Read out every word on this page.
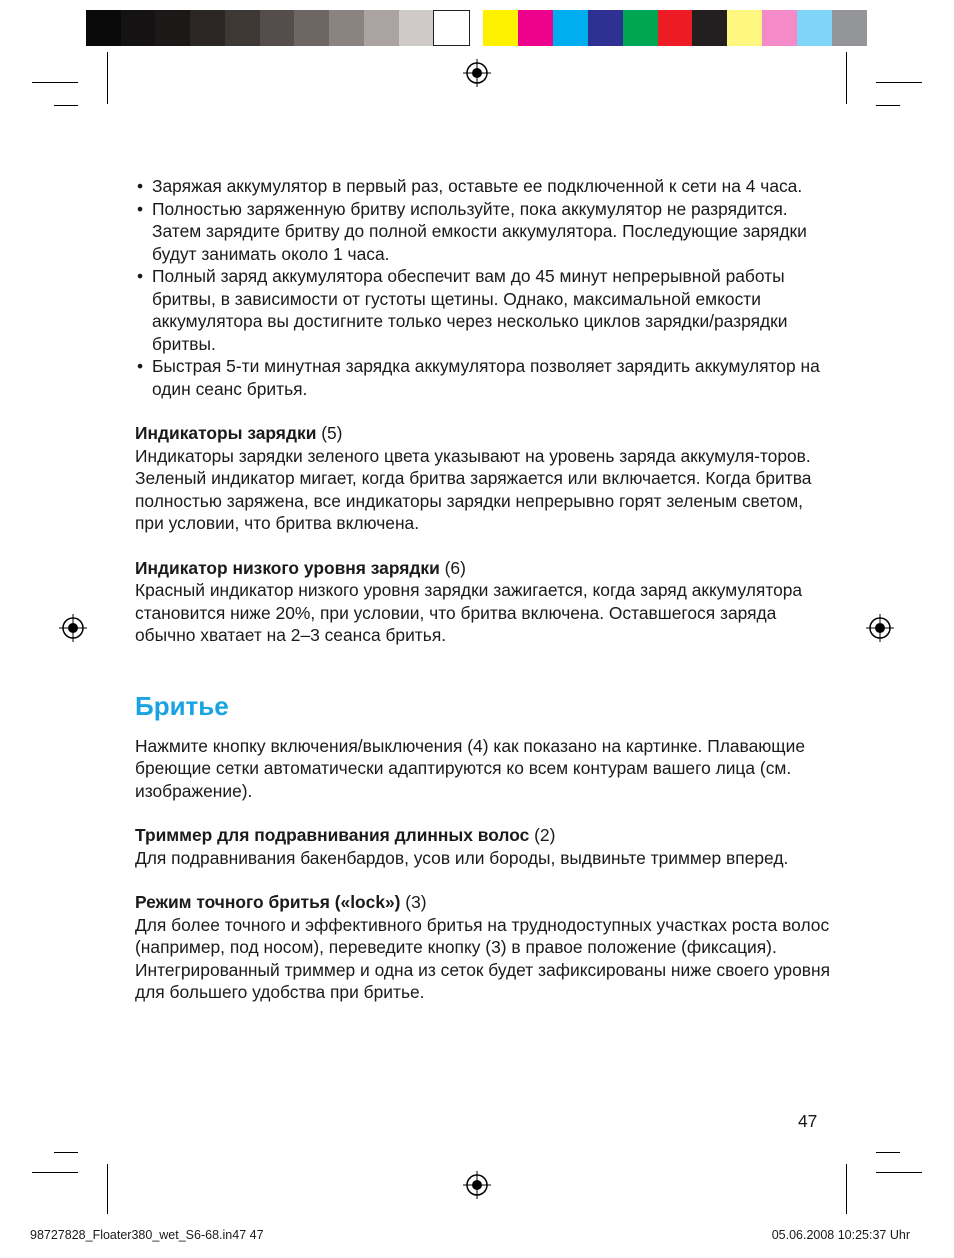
• Заряжая аккумулятор в первый раз, оставьте ее подключенной к сети на 4 часа.
• Полностью заряженную бритву используйте, пока аккумулятор не разрядится. Затем зарядите бритву до полной емкости аккумулятора. Последующие зарядки будут занимать около 1 часа.
• Полный заряд аккумулятора обеспечит вам до 45 минут непрерывной работы бритвы, в зависимости от густоты щетины. Однако, максимальной емкости аккумулятора вы достигните только через несколько циклов зарядки/разрядки бритвы.
• Быстрая 5-ти минутная зарядка аккумулятора позволяет зарядить аккумулятор на один сеанс бритья.

Индикаторы зарядки (5)

Индикаторы зарядки зеленого цвета указывают на уровень заряда аккумуля-торов. Зеленый индикатор мигает, когда бритва заряжается или включается. Когда бритва полностью заряжена, все индикаторы зарядки непрерывно горят зеленым светом, при условии, что бритва включена.

Индикатор низкого уровня зарядки (6)

Красный индикатор низкого уровня зарядки зажигается, когда заряд аккумулятора становится ниже 20%, при условии, что бритва включена. Оставшегося заряда обычно хватает на 2–3 сеанса бритья.

Бритье

Нажмите кнопку включения/выключения (4) как показано на картинке. Плавающие бреющие сетки автоматически адаптируются ко всем контурам вашего лица (см. изображение).

Триммер для подравнивания длинных волос (2)

Для подравнивания бакенбардов, усов или бороды, выдвиньте триммер вперед.

Режим точного бритья («lock») (3)

Для более точного и эффективного бритья на труднодоступных участках роста волос (например, под носом), переведите кнопку (3) в правое положение (фиксация). Интегрированный триммер и одна из сеток будет зафиксированы ниже своего уровня для большего удобства при бритье.

47
98727828_Floater380_wet_S6-68.in47 47	05.06.2008 10:25:37 Uhr
